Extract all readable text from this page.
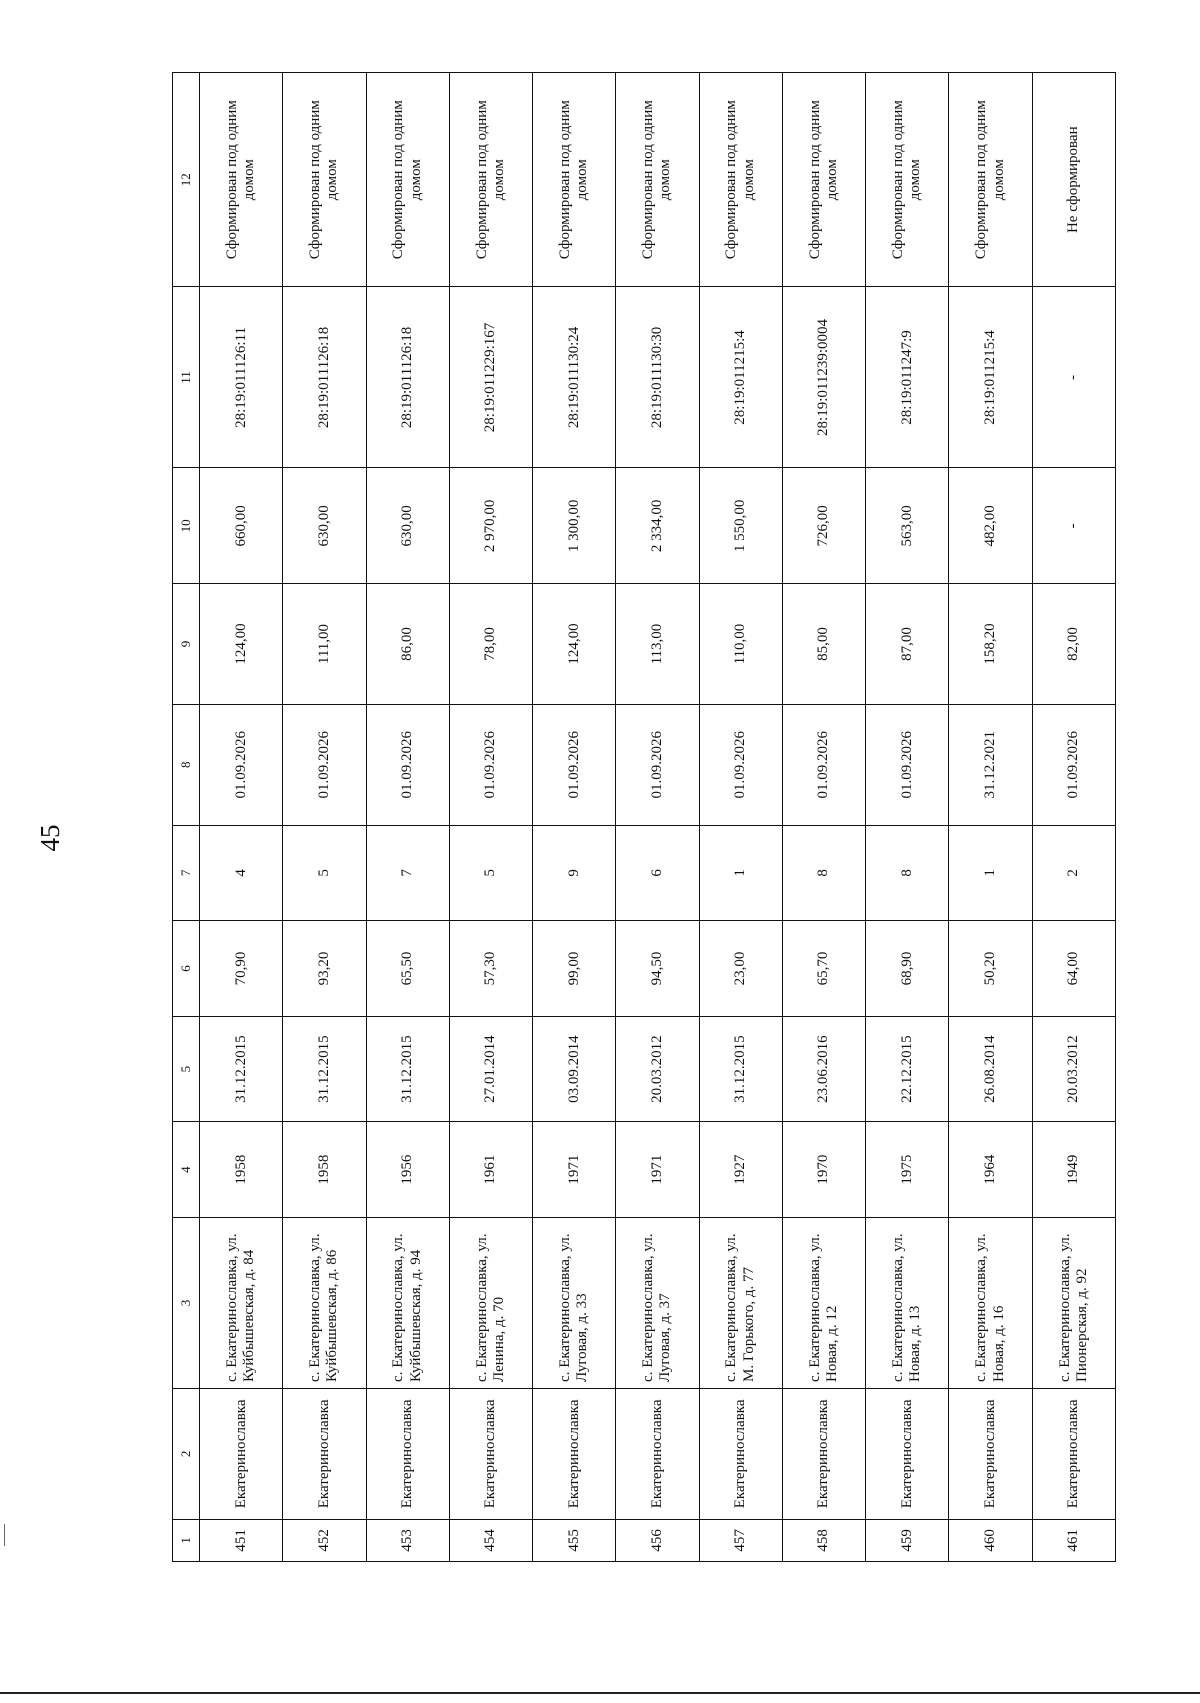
45
1	2	3	4	5	6	7	8	9	10	11	12
451	Екатеринославка	с. Екатеринославка, ул. Куйбышевская, д. 84	1958	31.12.2015	70,90	4	01.09.2026	124,00	660,00	28:19:011126:11	Сформирован под одним домом
452	Екатеринославка	с. Екатеринославка, ул. Куйбышевская, д. 86	1958	31.12.2015	93,20	5	01.09.2026	111,00	630,00	28:19:011126:18	Сформирован под одним домом
453	Екатеринославка	с. Екатеринославка, ул. Куйбышевская, д. 94	1956	31.12.2015	65,50	7	01.09.2026	86,00	630,00	28:19:011126:18	Сформирован под одним домом
454	Екатеринославка	с. Екатеринославка, ул. Ленина, д. 70	1961	27.01.2014	57,30	5	01.09.2026	78,00	2 970,00	28:19:011229:167	Сформирован под одним домом
455	Екатеринославка	с. Екатеринославка, ул. Луговая, д. 33	1971	03.09.2014	99,00	9	01.09.2026	124,00	1 300,00	28:19:011130:24	Сформирован под одним домом
456	Екатеринославка	с. Екатеринославка, ул. Луговая, д. 37	1971	20.03.2012	94,50	6	01.09.2026	113,00	2 334,00	28:19:011130:30	Сформирован под одним домом
457	Екатеринославка	с. Екатеринославка, ул. М. Горького, д. 77	1927	31.12.2015	23,00	1	01.09.2026	110,00	1 550,00	28:19:011215:4	Сформирован под одним домом
458	Екатеринославка	с. Екатеринославка, ул. Новая, д. 12	1970	23.06.2016	65,70	8	01.09.2026	85,00	726,00	28:19:011239:0004	Сформирован под одним домом
459	Екатеринославка	с. Екатеринославка, ул. Новая, д. 13	1975	22.12.2015	68,90	8	01.09.2026	87,00	563,00	28:19:011247:9	Сформирован под одним домом
460	Екатеринославка	с. Екатеринославка, ул. Новая, д. 16	1964	26.08.2014	50,20	1	31.12.2021	158,20	482,00	28:19:011215:4	Сформирован под одним домом
461	Екатеринославка	с. Екатеринославка, ул. Пионерская, д. 92	1949	20.03.2012	64,00	2	01.09.2026	82,00	-	-	Не сформирован
